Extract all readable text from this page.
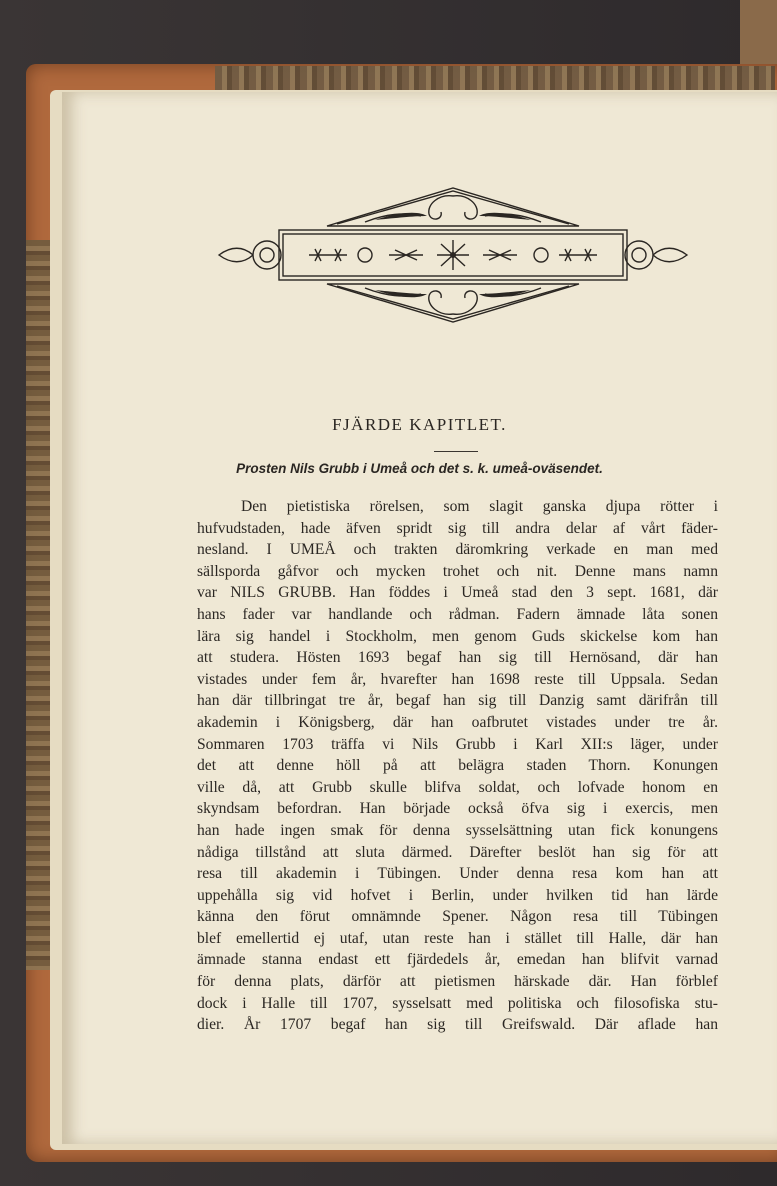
FJÄRDE KAPITLET.
Prosten Nils Grubb i Umeå och det s. k. umeå-oväsendet.
Den pietistiska rörelsen, som slagit ganska djupa rötter i
hufvudstaden, hade äfven spridt sig till andra delar af vårt fäder-
nesland. I UMEÅ och trakten däromkring verkade en man med
sällsporda gåfvor och mycken trohet och nit. Denne mans namn
var NILS GRUBB. Han föddes i Umeå stad den 3 sept. 1681, där
hans fader var handlande och rådman. Fadern ämnade låta sonen
lära sig handel i Stockholm, men genom Guds skickelse kom han
att studera. Hösten 1693 begaf han sig till Hernösand, där han
vistades under fem år, hvarefter han 1698 reste till Uppsala. Sedan
han där tillbringat tre år, begaf han sig till Danzig samt därifrån till
akademin i Königsberg, där han oafbrutet vistades under tre år.
Sommaren 1703 träffa vi Nils Grubb i Karl XII:s läger, under
det att denne höll på att belägra staden Thorn. Konungen
ville då, att Grubb skulle blifva soldat, och lofvade honom en
skyndsam befordran. Han började också öfva sig i exercis, men
han hade ingen smak för denna sysselsättning utan fick konungens
nådiga tillstånd att sluta därmed. Därefter beslöt han sig för att
resa till akademin i Tübingen. Under denna resa kom han att
uppehålla sig vid hofvet i Berlin, under hvilken tid han lärde
känna den förut omnämnde Spener. Någon resa till Tübingen
blef emellertid ej utaf, utan reste han i stället till Halle, där han
ämnade stanna endast ett fjärdedels år, emedan han blifvit varnad
för denna plats, därför att pietismen härskade där. Han förblef
dock i Halle till 1707, sysselsatt med politiska och filosofiska stu-
dier. År 1707 begaf han sig till Greifswald. Där aflade han
